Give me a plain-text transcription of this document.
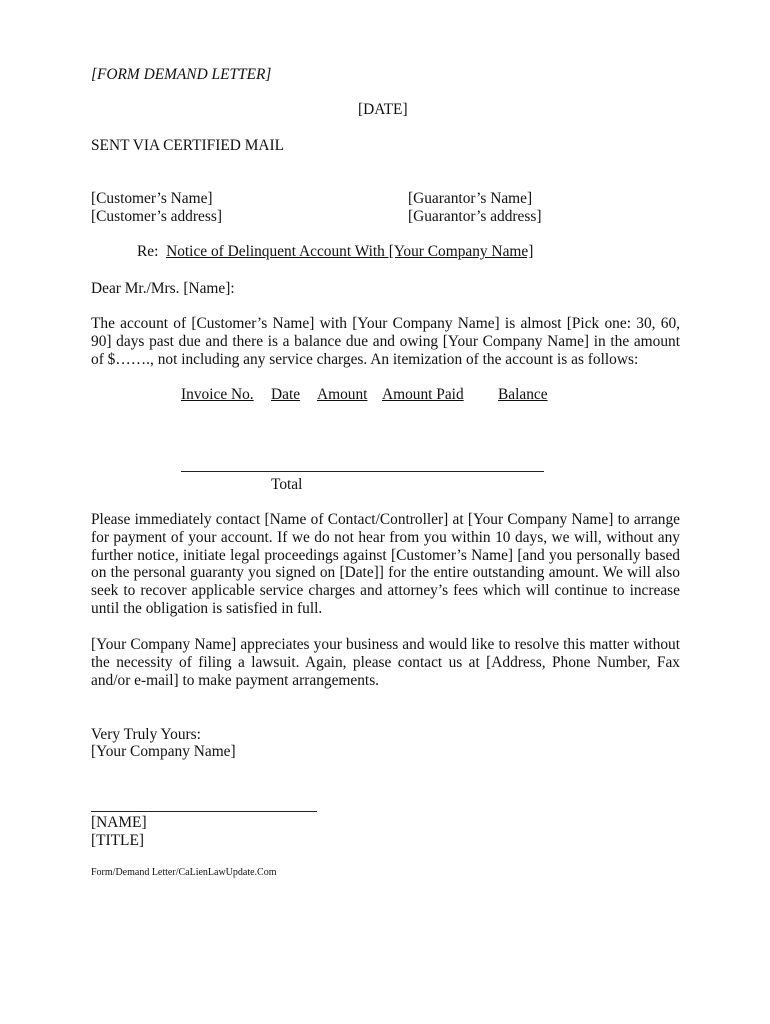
[FORM DEMAND LETTER]
[DATE]
SENT VIA CERTIFIED MAIL
[Customer’s Name]
[Customer’s address]
[Guarantor’s Name]
[Guarantor’s address]
Re: Notice of Delinquent Account With [Your Company Name]
Dear Mr./Mrs. [Name]:
The account of [Customer’s Name] with [Your Company Name] is almost [Pick one: 30, 60, 90] days past due and there is a balance due and owing [Your Company Name] in the amount of $……., not including any service charges. An itemization of the account is as follows:
Invoice No. Date Amount Amount Paid Balance
Total
Please immediately contact [Name of Contact/Controller] at [Your Company Name] to arrange for payment of your account. If we do not hear from you within 10 days, we will, without any further notice, initiate legal proceedings against [Customer’s Name] [and you personally based on the personal guaranty you signed on [Date]] for the entire outstanding amount. We will also seek to recover applicable service charges and attorney’s fees which will continue to increase until the obligation is satisfied in full.
[Your Company Name] appreciates your business and would like to resolve this matter without the necessity of filing a lawsuit. Again, please contact us at [Address, Phone Number, Fax and/or e-mail] to make payment arrangements.
Very Truly Yours:
[Your Company Name]
[NAME]
[TITLE]
Form/Demand Letter/CaLienLawUpdate.Com
